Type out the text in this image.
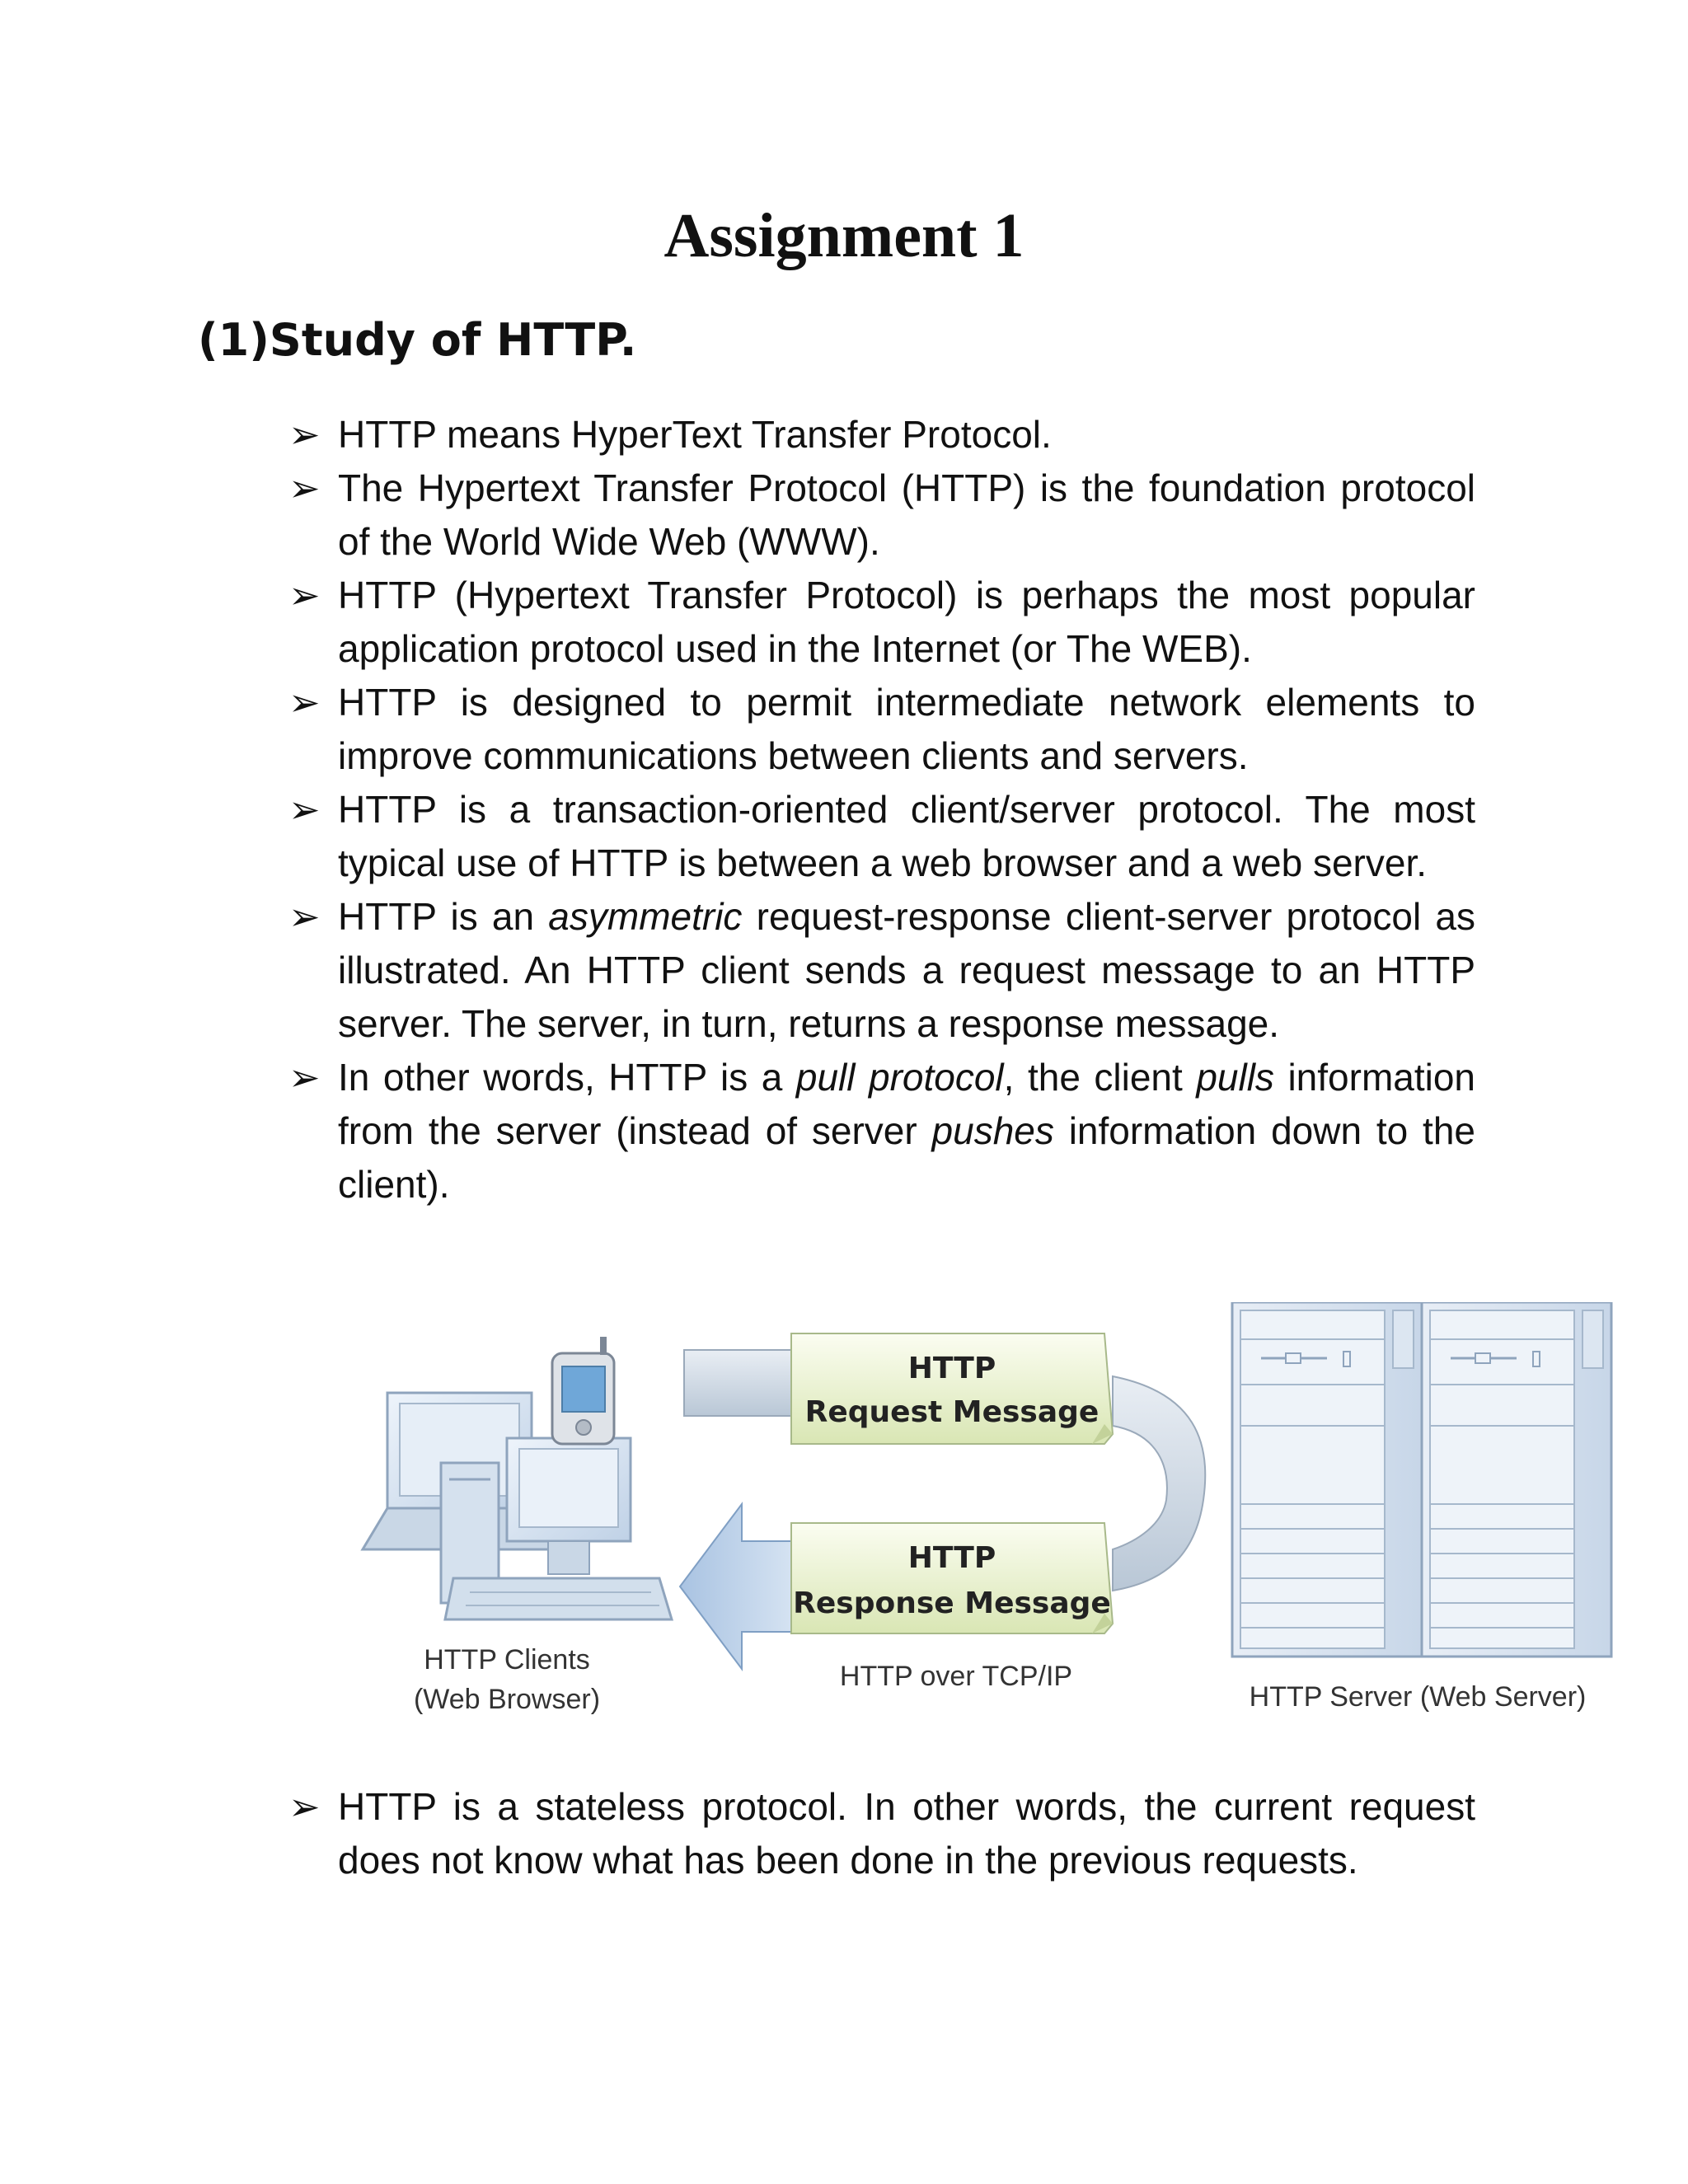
Assignment 1
(1)Study of HTTP.
➢ HTTP means HyperText Transfer Protocol.
➢ The Hypertext Transfer Protocol (HTTP) is the foundation protocol of the World Wide Web (WWW).
➢ HTTP (Hypertext Transfer Protocol) is perhaps the most popular application protocol used in the Internet (or The WEB).
➢ HTTP is designed to permit intermediate network elements to improve communications between clients and servers.
➢ HTTP is a transaction-oriented client/server protocol. The most typical use of HTTP is between a web browser and a web server.
➢ HTTP is an asymmetric request-response client-server protocol as illustrated. An HTTP client sends a request message to an HTTP server. The server, in turn, returns a response message.
➢ In other words, HTTP is a pull protocol, the client pulls information from the server (instead of server pushes information down to the client).
HTTP
Request Message
HTTP
Response Message
HTTP Clients
(Web Browser)
HTTP over TCP/IP
HTTP Server (Web Server)
➢ HTTP is a stateless protocol. In other words, the current request does not know what has been done in the previous requests.
